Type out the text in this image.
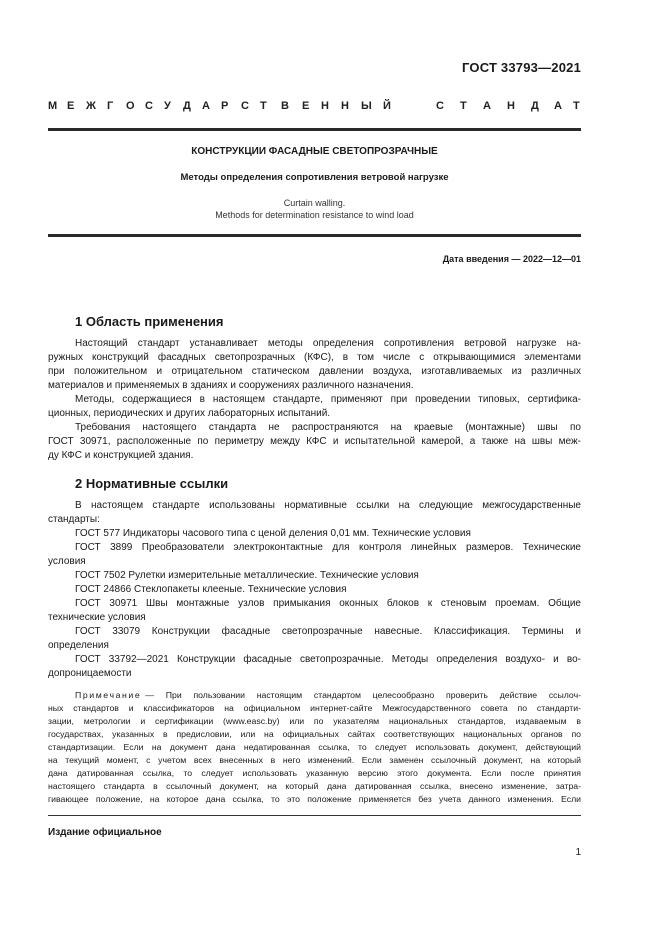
ГОСТ 33793—2021
М Е Ж Г О С У Д А Р С Т В Е Н Н Ы Й	С Т А Н Д А Т
КОНСТРУКЦИИ ФАСАДНЫЕ СВЕТОПРОЗРАЧНЫЕ
Методы определения сопротивления ветровой нагрузке
Curtain walling.
Methods for determination resistance to wind load
Дата введения — 2022—12—01
1 Область применения
Настоящий стандарт устанавливает методы определения сопротивления ветровой нагрузке на-
ружных конструкций фасадных светопрозрачных (КФС), в том числе с открывающимися элементами
при положительном и отрицательном статическом давлении воздуха, изготавливаемых из различных
материалов и применяемых в зданиях и сооружениях различного назначения.
Методы, содержащиеся в настоящем стандарте, применяют при проведении типовых, сертифика-
ционных, периодических и других лабораторных испытаний.
Требования настоящего стандарта не распространяются на краевые (монтажные) швы по
ГОСТ 30971, расположенные по периметру между КФС и испытательной камерой, а также на швы меж-
ду КФС и конструкцией здания.
2 Нормативные ссылки
В настоящем стандарте использованы нормативные ссылки на следующие межгосударственные
стандарты:
ГОСТ 577 Индикаторы часового типа с ценой деления 0,01 мм. Технические условия
ГОСТ 3899 Преобразователи электроконтактные для контроля линейных размеров. Технические
условия
ГОСТ 7502 Рулетки измерительные металлические. Технические условия
ГОСТ 24866 Стеклопакеты клееные. Технические условия
ГОСТ 30971 Швы монтажные узлов примыкания оконных блоков к стеновым проемам. Общие
технические условия
ГОСТ 33079 Конструкции фасадные светопрозрачные навесные. Классификация. Термины и
определения
ГОСТ 33792—2021 Конструкции фасадные светопрозрачные. Методы определения воздухо- и во-
допроницаемости
Примечание — При пользовании настоящим стандартом целесообразно проверить действие ссылоч-
ных стандартов и классификаторов на официальном интернет-сайте Межгосударственного совета по стандарти-
зации, метрологии и сертификации (www.easc.by) или по указателям национальных стандартов, издаваемым в
государствах, указанных в предисловии, или на официальных сайтах соответствующих национальных органов по
стандартизации. Если на документ дана недатированная ссылка, то следует использовать документ, действующий
на текущий момент, с учетом всех внесенных в него изменений. Если заменен ссылочный документ, на который
дана датированная ссылка, то следует использовать указанную версию этого документа. Если после принятия
настоящего стандарта в ссылочный документ, на который дана датированная ссылка, внесено изменение, затра-
гивающее положение, на которое дана ссылка, то это положение применяется без учета данного изменения. Если
Издание официальное
1
